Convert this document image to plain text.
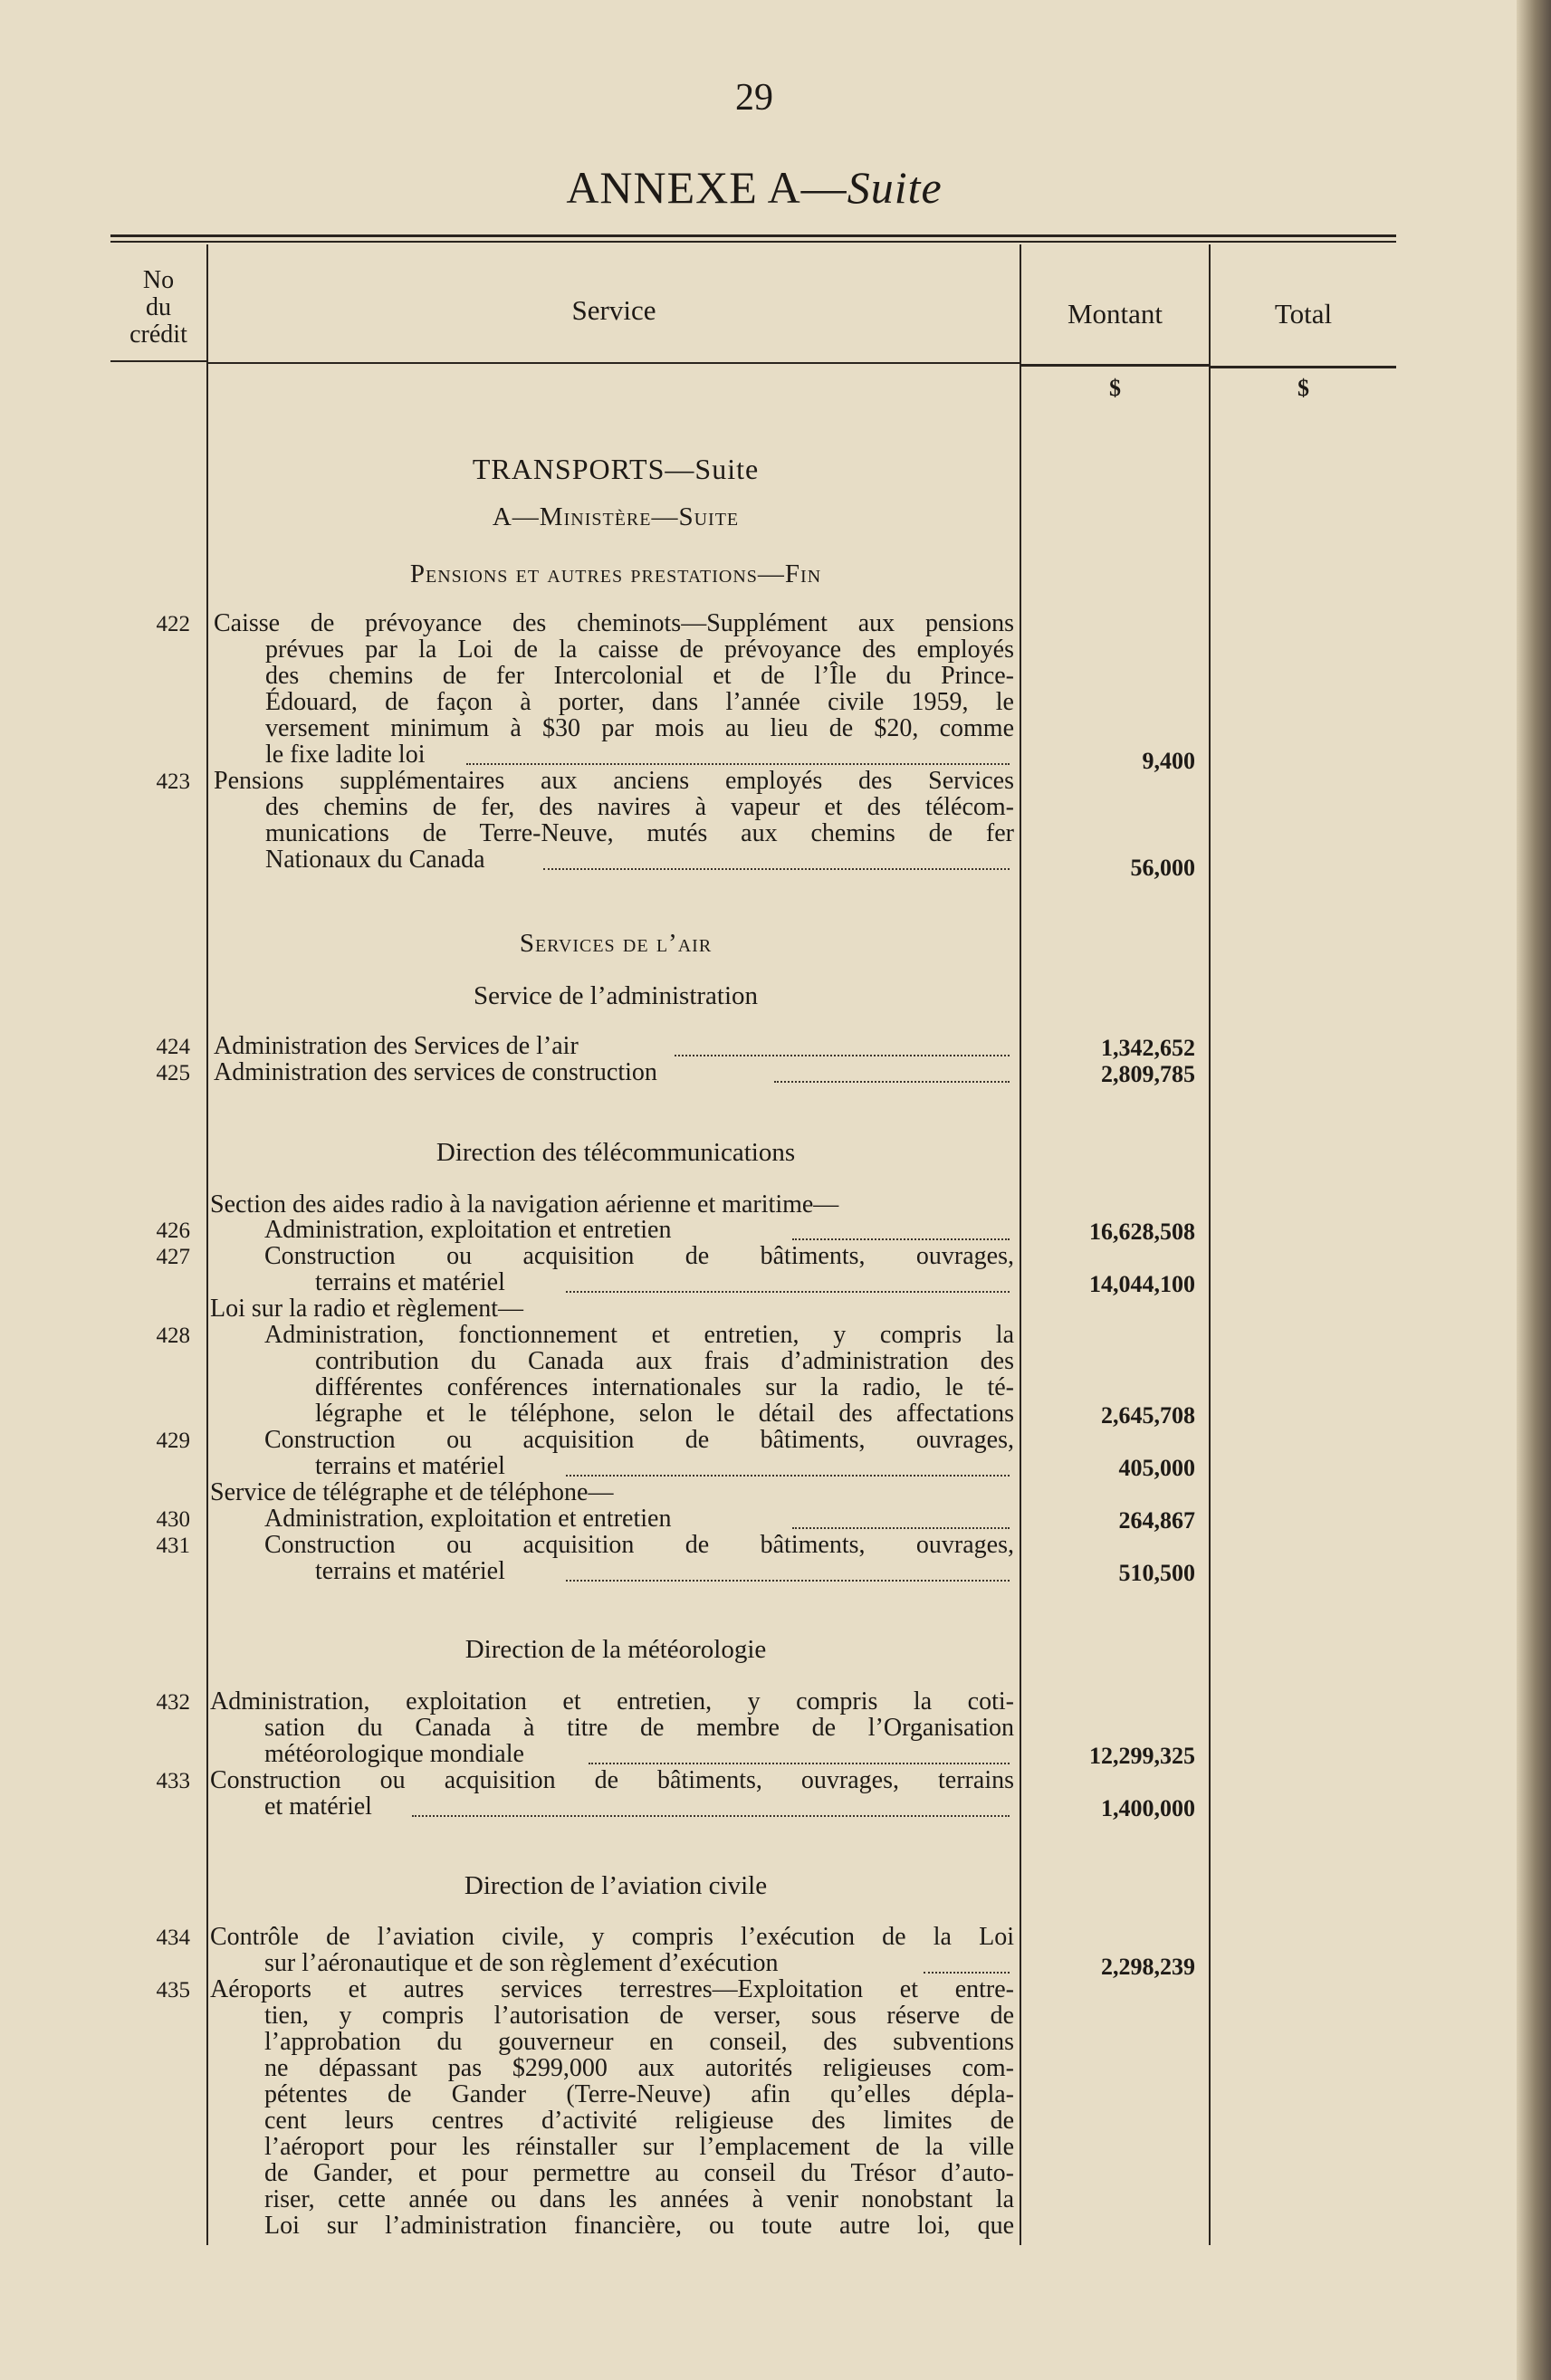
29
ANNEXE A—Suite
No
du
crédit
Service	Montant	Total
$	$
TRANSPORTS—Suite
A—Ministère—Suite
Pensions et autres prestations—Fin
422 Caisse de prévoyance des cheminots—Supplément aux pensions
prévues par la Loi de la caisse de prévoyance des employés
des chemins de fer Intercolonial et de l’Île du Prince-
Édouard, de façon à porter, dans l’année civile 1959, le
versement minimum à $30 par mois au lieu de $20, comme
le fixe ladite loi	9,400
423 Pensions supplémentaires aux anciens employés des Services
des chemins de fer, des navires à vapeur et des télécom-
munications de Terre-Neuve, mutés aux chemins de fer
Nationaux du Canada	56,000
Services de l’air
Service de l’administration
424 Administration des Services de l’air	1,342,652
425 Administration des services de construction	2,809,785
Direction des télécommunications
Section des aides radio à la navigation aérienne et maritime—
426	Administration, exploitation et entretien	16,628,508
427	Construction ou acquisition de bâtiments, ouvrages,
terrains et matériel	14,044,100
Loi sur la radio et règlement—
428	Administration, fonctionnement et entretien, y compris la
contribution du Canada aux frais d’administration des
différentes conférences internationales sur la radio, le té-
légraphe et le téléphone, selon le détail des affectations	2,645,708
429	Construction ou acquisition de bâtiments, ouvrages,
terrains et matériel	405,000
Service de télégraphe et de téléphone—
430	Administration, exploitation et entretien	264,867
431	Construction ou acquisition de bâtiments, ouvrages,
terrains et matériel	510,500
Direction de la météorologie
432 Administration, exploitation et entretien, y compris la coti-
sation du Canada à titre de membre de l’Organisation
météorologique mondiale	12,299,325
433 Construction ou acquisition de bâtiments, ouvrages, terrains
et matériel	1,400,000
Direction de l’aviation civile
434 Contrôle de l’aviation civile, y compris l’exécution de la Loi
sur l’aéronautique et de son règlement d’exécution	2,298,239
435 Aéroports et autres services terrestres—Exploitation et entre-
tien, y compris l’autorisation de verser, sous réserve de
l’approbation du gouverneur en conseil, des subventions
ne dépassant pas $299,000 aux autorités religieuses com-
pétentes de Gander (Terre-Neuve) afin qu’elles dépla-
cent leurs centres d’activité religieuse des limites de
l’aéroport pour les réinstaller sur l’emplacement de la ville
de Gander, et pour permettre au conseil du Trésor d’auto-
riser, cette année ou dans les années à venir nonobstant la
Loi sur l’administration financière, ou toute autre loi, que
